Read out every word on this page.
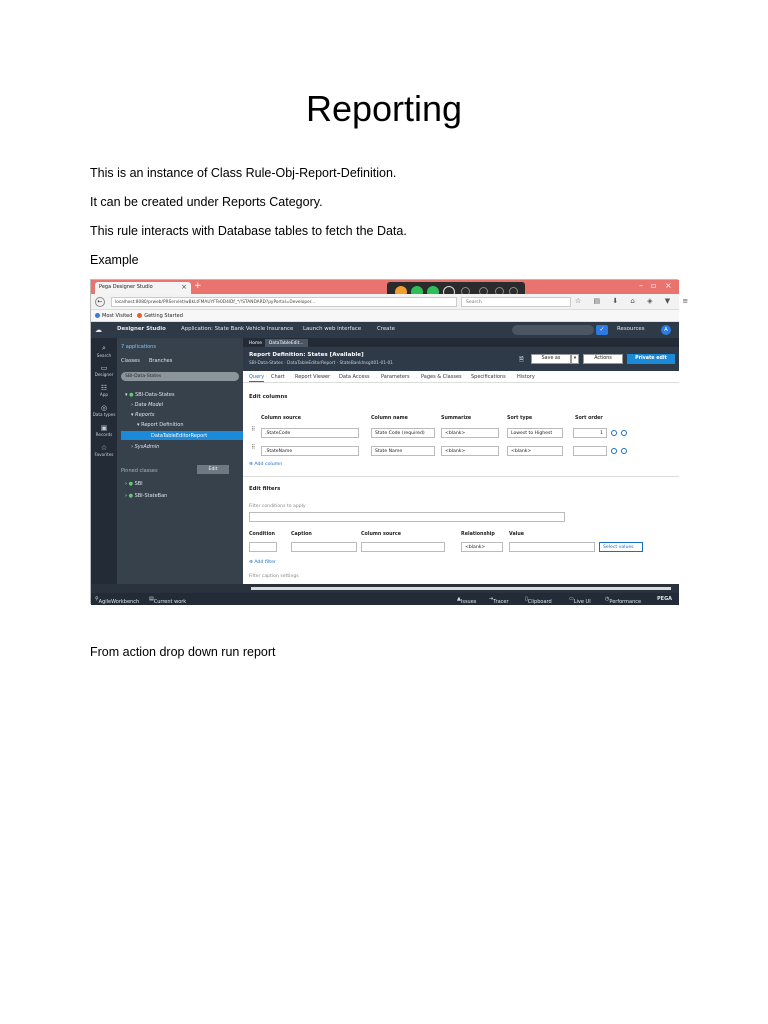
Reporting

This is an instance of Class Rule-Obj-Report-Definition.

It can be created under Reports Category.

This rule interacts with Database tables to fetch the Data.

Example

Pega Designer Studio	× +	– ▫ ×
←	localhost:8080/prweb/PRServlet/wBkLtFMAUYFTe0D4lDf_*/!STANDARD?pyPortal=Developer...	Search	☆ ▤ ⬇ ⌂ ◈ ▼ ≡
Most Visited Getting Started
☁	Designer Studio	Application: State Bank Vehicle Insurance Launch web interface	Create	✓	Resources	A
⌕
Search
▭
Designer
☷
App
◎
Data types
▣
Records
☆
Favorites
7 applications
Classes Branches
SBI-Data-States
▾ ● SBI-Data-States
› Data Model
▾ Reports
▾ Report Definition
DataTableEditorReport
› SysAdmin
Pinned classes	Edit
› ● SBI
› ● SBI-StateBan
Home	DataTableEdit...
Report Definition: States [Available]
SBI-Data-States · DataTableEditorReport · StateBankInsgit01-01-01
🗎	Save as	▾	Actions	Private edit
Query Chart Report Viewer Data Access Parameters Pages & Classes Specifications History
Edit columns
Column source	Column name	Summarize	Sort type	Sort order
⠿
.StateCode	State Code (required)	<blank>	Lowest to Highest	1
⠿
.StateName	State Name	<blank>	<blank>
⊕ Add column
Edit filters
Filter conditions to apply
Condition	Caption	Column source	Relationship	Value
<blank>	Select values
⊕ Add filter
Filter caption settings
⚲ AgileWorkbench ▤ Current work	▲ Issues	⇥ Tracer	▯ Clipboard	▭ Live UI	◷ Performance	PEGA

From action drop down run report
